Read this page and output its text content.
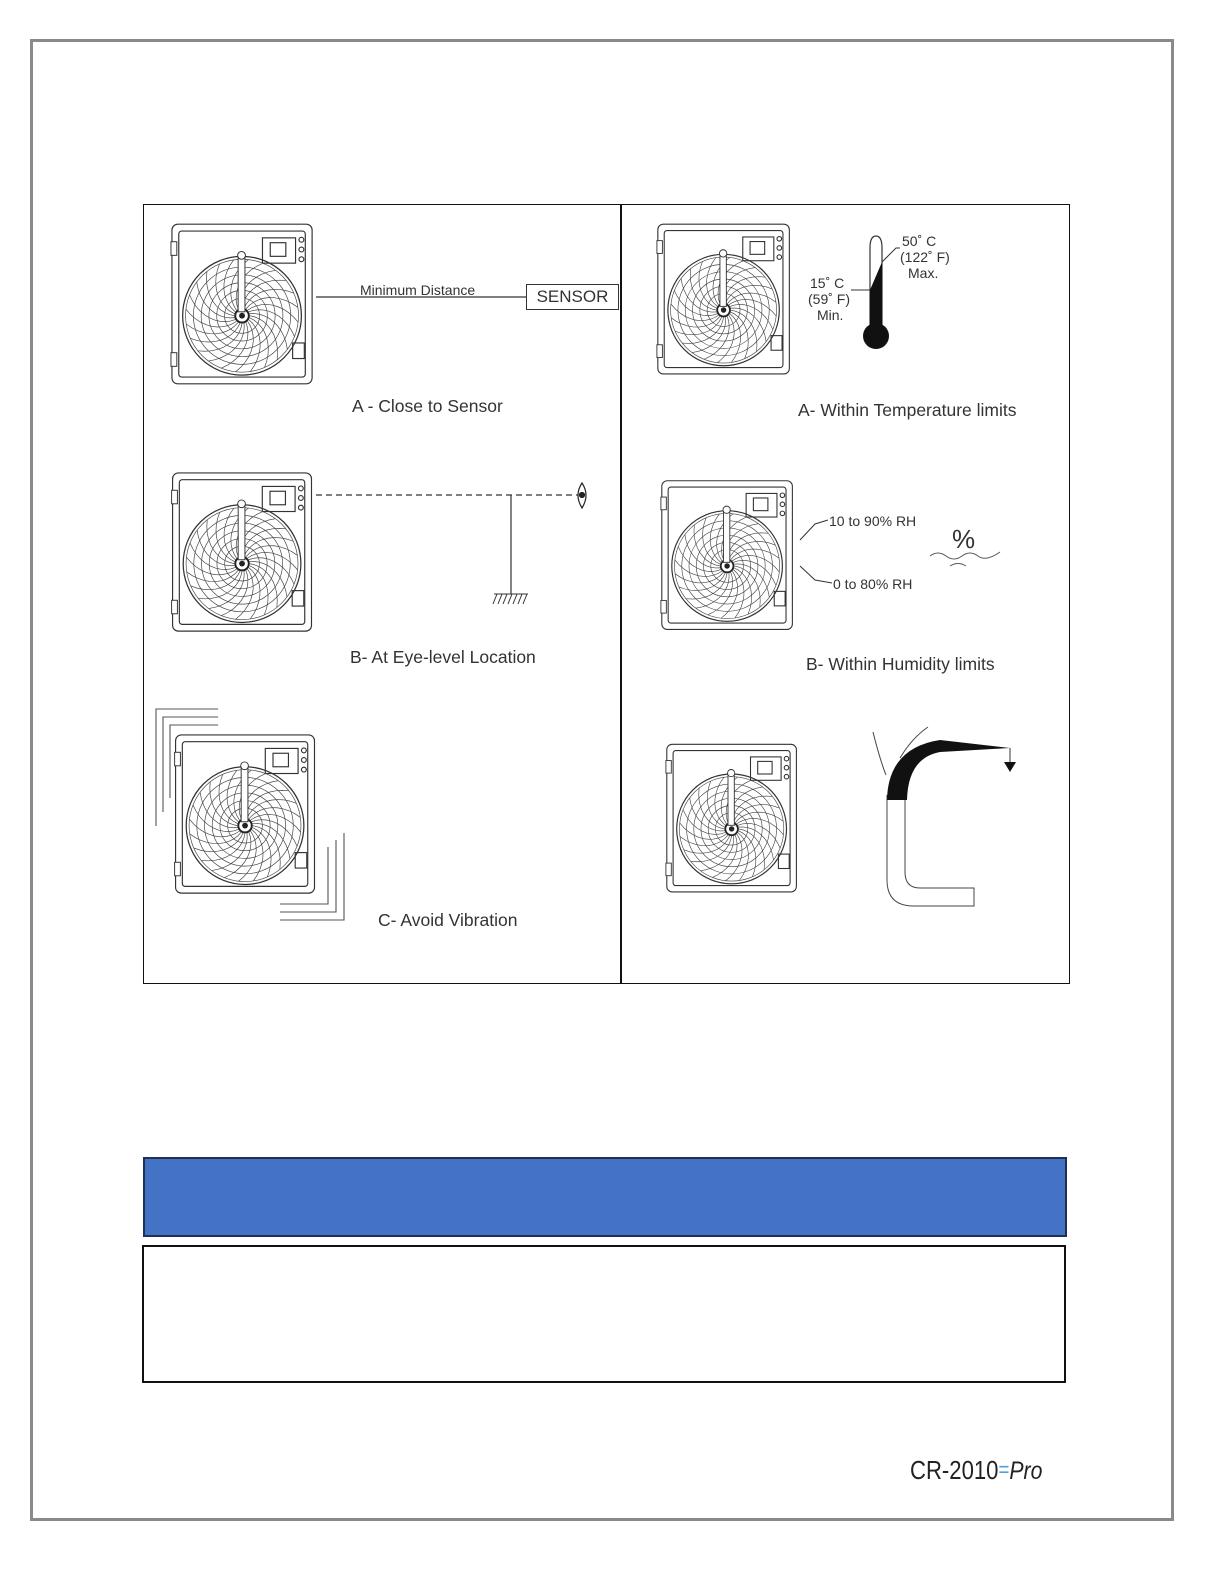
Minimum Distance	SENSOR
A - Close to Sensor
B- At Eye-level Location
C- Avoid Vibration
50˚ C
(122˚ F)
Max.
15˚ C
(59˚ F)
Min.
A- Within Temperature limits
10 to 90% RH
0 to 80% RH
%
B- Within Humidity limits
CR-2010=Pro
